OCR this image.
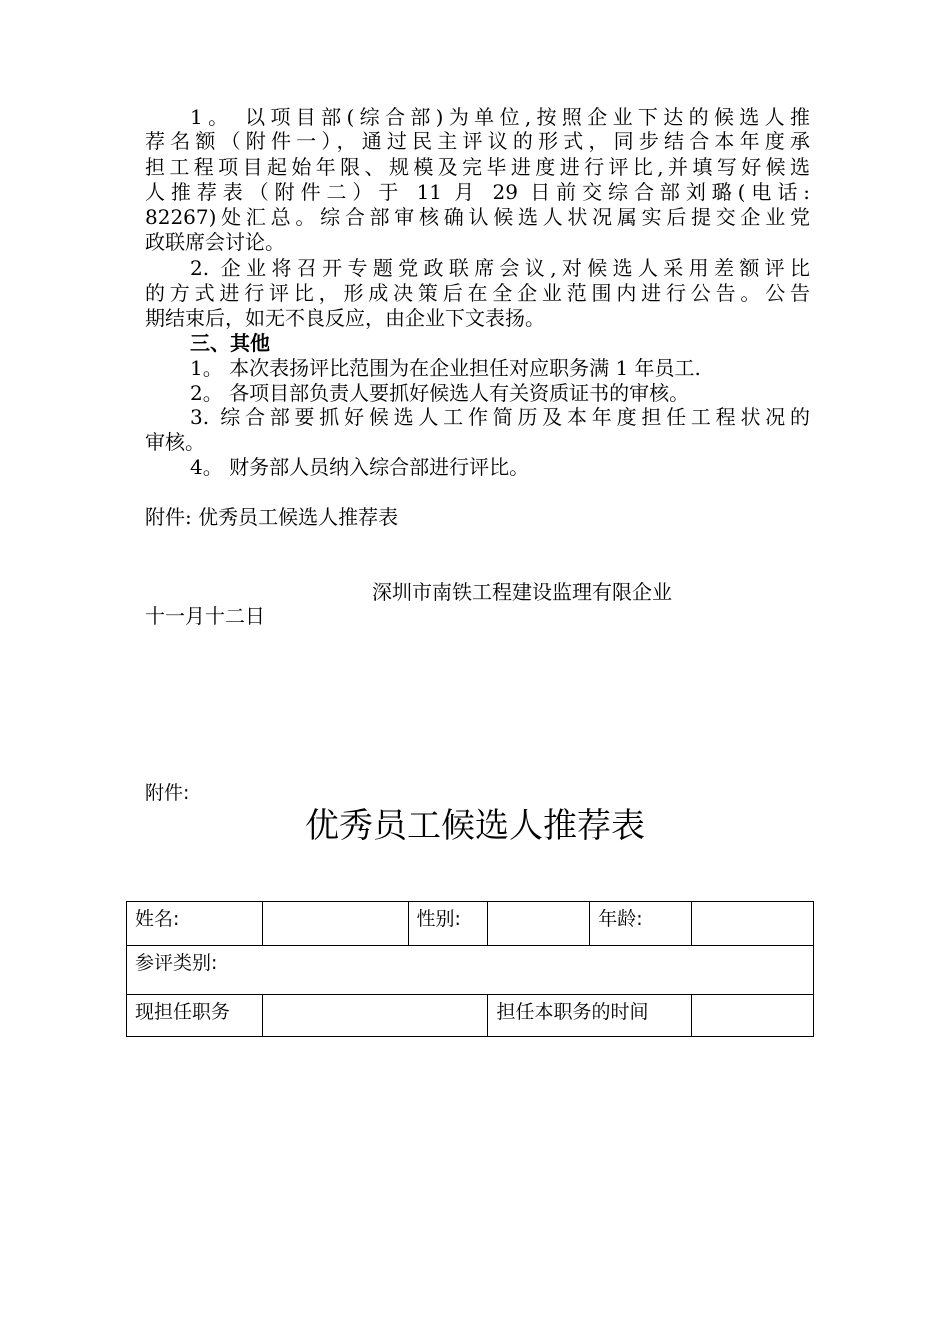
1。 以项目部(综合部)为单位,按照企业下达的候选人推
荐名额（附件一），通过民主评议的形式，同步结合本年度承
担工程项目起始年限、规模及完毕进度进行评比,并填写好候选
人推荐表（附件二）于 11 月 29 日前交综合部刘璐(电话:
82267)处汇总。综合部审核确认候选人状况属实后提交企业党
政联席会讨论。
2. 企业将召开专题党政联席会议,对候选人采用差额评比
的方式进行评比，形成决策后在全企业范围内进行公告。公告
期结束后，如无不良反应，由企业下文表扬。
三、其他
1。 本次表扬评比范围为在企业担任对应职务满 1 年员工.
2。 各项目部负责人要抓好候选人有关资质证书的审核。
3. 综合部要抓好候选人工作简历及本年度担任工程状况的
审核。
4。 财务部人员纳入综合部进行评比。
附件: 优秀员工候选人推荐表
深圳市南铁工程建设监理有限企业
十一月十二日
附件:
优秀员工候选人推荐表
姓名:		性别:		年龄:	
参评类别:					
现担任职务			担任本职务的时间		
